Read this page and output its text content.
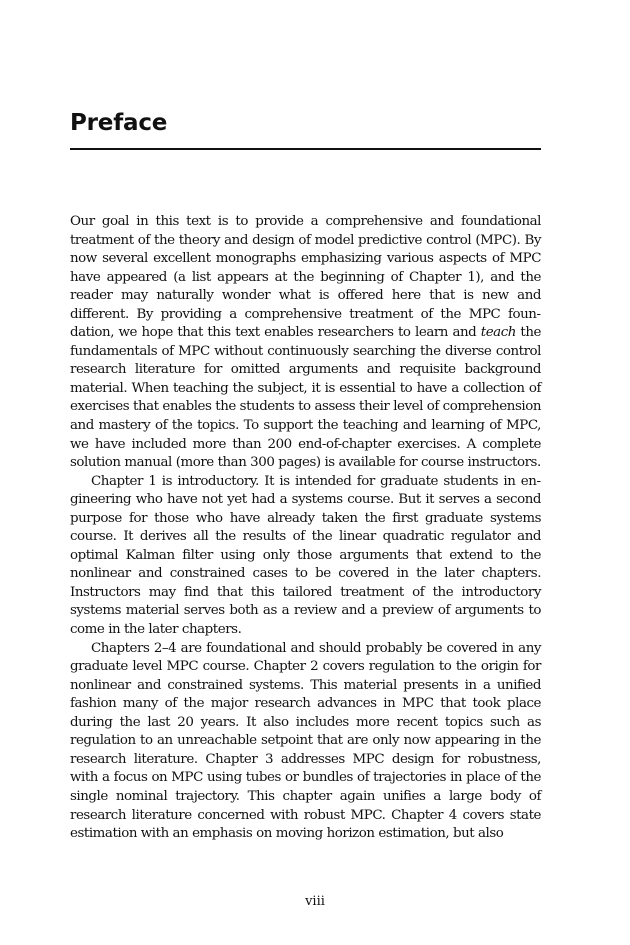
Preface

Our goal in this text is to provide a comprehensive and foundational treatment of the theory and design of model predictive control (MPC). By now several excellent monographs emphasizing various aspects of MPC have appeared (a list appears at the beginning of Chapter 1), and the reader may naturally wonder what is offered here that is new and different. By providing a comprehensive treatment of the MPC foundation, we hope that this text enables researchers to learn and teach the fundamentals of MPC without continuously searching the diverse control research literature for omitted arguments and requisite background material. When teaching the subject, it is essential to have a collection of exercises that enables the students to assess their level of comprehension and mastery of the topics. To support the teaching and learning of MPC, we have included more than 200 end-of-chapter exercises. A complete solution manual (more than 300 pages) is available for course instructors.

Chapter 1 is introductory. It is intended for graduate students in engineering who have not yet had a systems course. But it serves a second purpose for those who have already taken the first graduate systems course. It derives all the results of the linear quadratic regulator and optimal Kalman filter using only those arguments that extend to the nonlinear and constrained cases to be covered in the later chapters. Instructors may find that this tailored treatment of the introductory systems material serves both as a review and a preview of arguments to come in the later chapters.

Chapters 2–4 are foundational and should probably be covered in any graduate level MPC course. Chapter 2 covers regulation to the origin for nonlinear and constrained systems. This material presents in a unified fashion many of the major research advances in MPC that took place during the last 20 years. It also includes more recent topics such as regulation to an unreachable setpoint that are only now appearing in the research literature. Chapter 3 addresses MPC design for robustness, with a focus on MPC using tubes or bundles of trajectories in place of the single nominal trajectory. This chapter again unifies a large body of research literature concerned with robust MPC. Chapter 4 covers state estimation with an emphasis on moving horizon estimation, but also

viii
